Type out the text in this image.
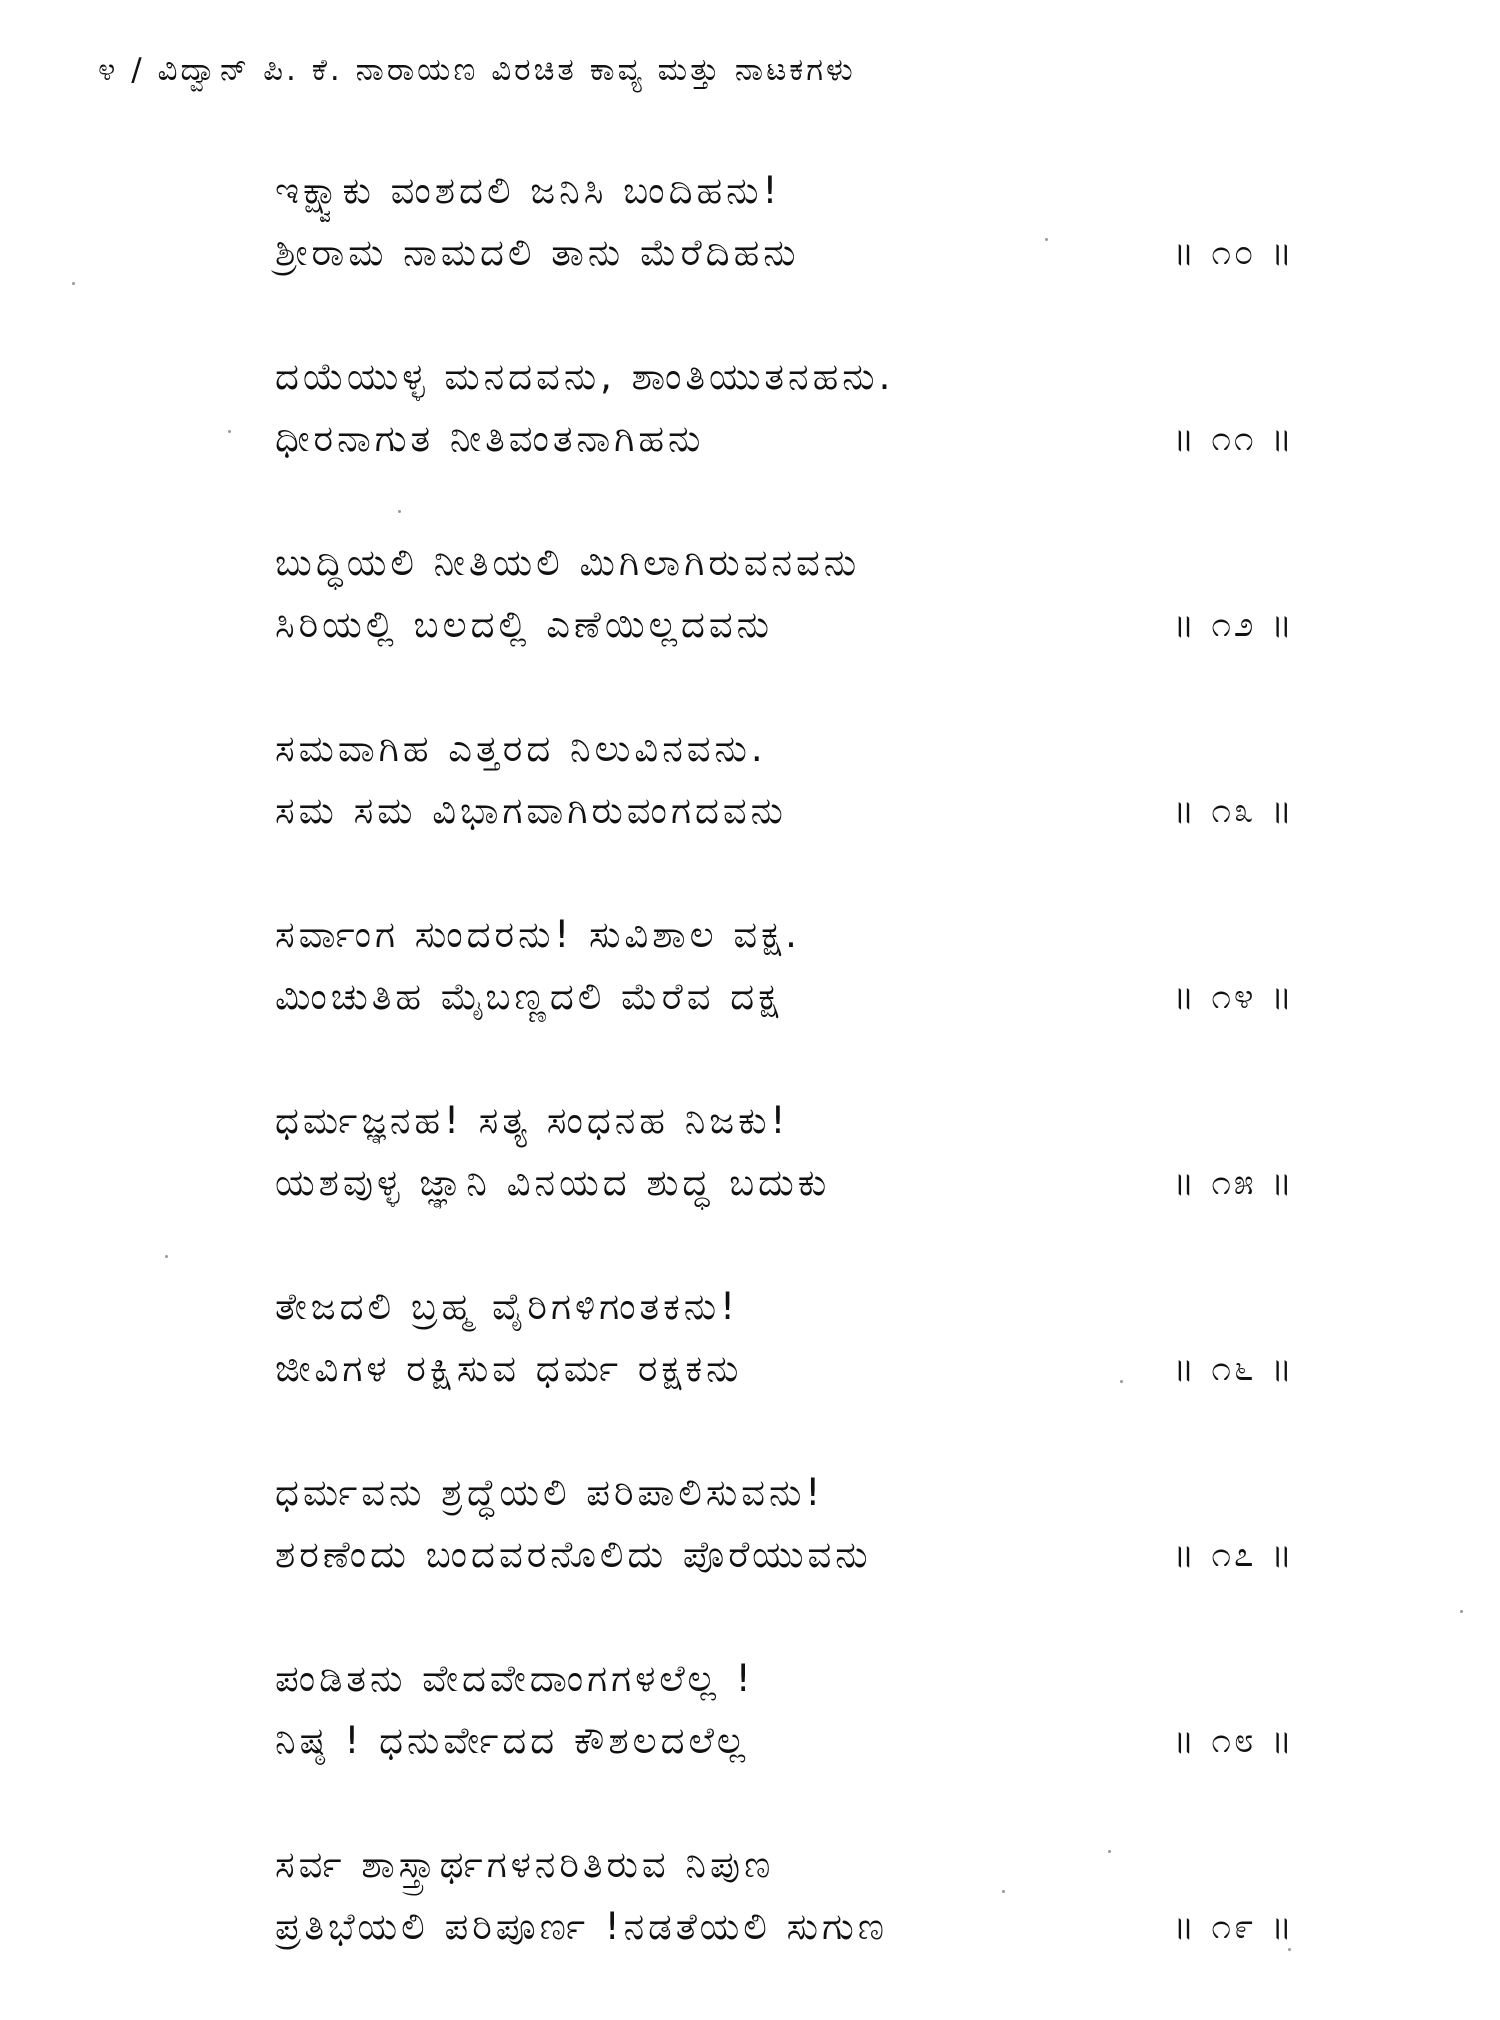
೪ / ವಿದ್ವಾನ್ ಪಿ. ಕೆ. ನಾರಾಯಣ ವಿರಚಿತ ಕಾವ್ಯ ಮತ್ತು ನಾಟಕಗಳು
ಇಕ್ಷ್ವಾಕು ವಂಶದಲಿ ಜನಿಸಿ ಬಂದಿಹನು!
ಶ್ರೀರಾಮ ನಾಮದಲಿ ತಾನು ಮೆರೆದಿಹನು	॥ ೧೦ ॥
ದಯೆಯುಳ್ಳ ಮನದವನು, ಶಾಂತಿಯುತನಹನು.
ಧೀರನಾಗುತ ನೀತಿವಂತನಾಗಿಹನು	॥ ೧೧ ॥
ಬುದ್ಧಿಯಲಿ ನೀತಿಯಲಿ ಮಿಗಿಲಾಗಿರುವನವನು
ಸಿರಿಯಲ್ಲಿ ಬಲದಲ್ಲಿ ಎಣೆಯಿಲ್ಲದವನು	॥ ೧೨ ॥
ಸಮವಾಗಿಹ ಎತ್ತರದ ನಿಲುವಿನವನು.
ಸಮ ಸಮ ವಿಭಾಗವಾಗಿರುವಂಗದವನು	॥ ೧೩ ॥
ಸರ್ವಾಂಗ ಸುಂದರನು! ಸುವಿಶಾಲ ವಕ್ಷ.
ಮಿಂಚುತಿಹ ಮೈಬಣ್ಣದಲಿ ಮೆರೆವ ದಕ್ಷ	॥ ೧೪ ॥
ಧರ್ಮಜ್ಞನಹ! ಸತ್ಯ ಸಂಧನಹ ನಿಜಕು!
ಯಶವುಳ್ಳ ಜ್ಞಾನಿ ವಿನಯದ ಶುದ್ಧ ಬದುಕು	॥ ೧೫ ॥
ತೇಜದಲಿ ಬ್ರಹ್ಮ ವೈರಿಗಳಿಗಂತಕನು!
ಜೀವಿಗಳ ರಕ್ಷಿಸುವ ಧರ್ಮ ರಕ್ಷಕನು	॥ ೧೬ ॥
ಧರ್ಮವನು ಶ್ರದ್ಧೆಯಲಿ ಪರಿಪಾಲಿಸುವನು!
ಶರಣೆಂದು ಬಂದವರನೊಲಿದು ಪೊರೆಯುವನು	॥ ೧೭ ॥
ಪಂಡಿತನು ವೇದವೇದಾಂಗಗಳಲೆಲ್ಲ !
ನಿಷ್ಠ ! ಧನುರ್ವೇದದ ಕೌಶಲದಲೆಲ್ಲ	॥ ೧೮ ॥
ಸರ್ವ ಶಾಸ್ತ್ರಾರ್ಥಗಳನರಿತಿರುವ ನಿಪುಣ
ಪ್ರತಿಭೆಯಲಿ ಪರಿಪೂರ್ಣ !ನಡತೆಯಲಿ ಸುಗುಣ	॥ ೧೯ ॥
